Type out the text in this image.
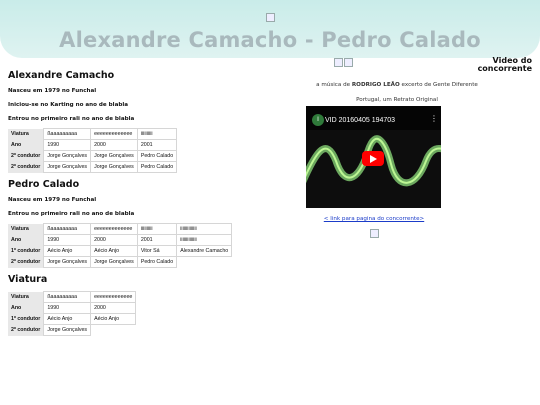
Alexandre Camacho - Pedro Calado
Alexandre Camacho

Nasceu em 1979 no Funchal

Iniciou-se no Karting no ano de blabla

Entrou no primeiro rali no ano de blabla

Viatura	ßaaaaaaaaa	eeeeeeeeeeeee	iiiiiiiiii
Ano	1990	2000	2001
2º condutor	Jorge Gonçalves	Jorge Gonçalves	Pedro Calado
2º condutor	Jorge Gonçalves	Jorge Gonçalves	Pedro Calado
Pedro Calado

Nasceu em 1979 no Funchal

Entrou no primeiro rali no ano de blabla

Viatura	ßaaaaaaaaa	eeeeeeeeeeeee	iiiiiiiiii	iiiiiiiiiiiiii
Ano	1990	2000	2001	iiiiiiiiiiiiii
1º condutor	Aécio Anjo	Aécio Anjo	Vitor Sá	Alexandre Camacho
2º condutor	Jorge Gonçalves	Jorge Gonçalves	Pedro Calado	
Viatura
Viatura	ßaaaaaaaaa	eeeeeeeeeeeee
Ano	1990	2000
1º condutor	Aécio Anjo	Aécio Anjo
2º condutor	Jorge Gonçalves	
Video do concorrente
a música de RODRIGO LEÃO excerto de Gente Diferente
Portugal, um Retrato Original
I VID 20160405 194703	⋮
< link para pagina do concorrente>
